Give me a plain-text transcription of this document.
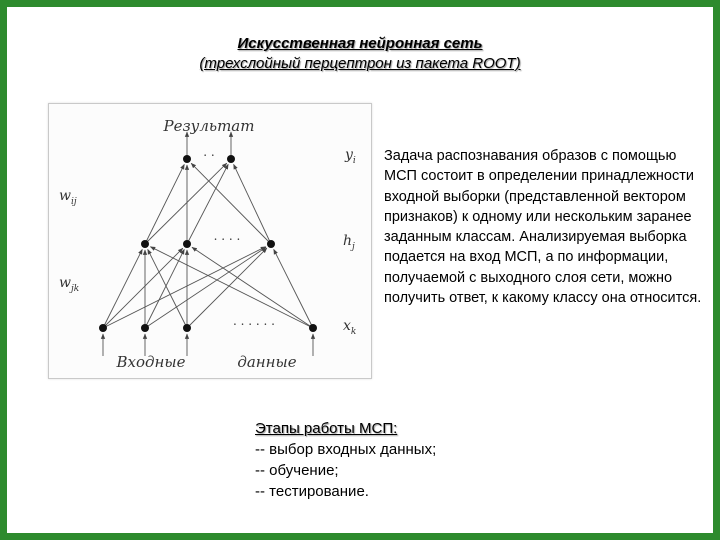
Искусственная нейронная сеть
(трехслойный перцептрон из пакета ROOT)
Результат
Входные	данные
. .
. . . .
. . . . . .
$y_i$
$h_j$
$x_k$
$w_{ij}$
$w_{jk}$

Задача распознавания образов с помощью МСП состоит в определении принадлежности входной выборки (представленной вектором признаков) к одному или нескольким заранее заданным классам. Анализируемая выборка подается на вход МСП, а по информации, получаемой с выходного слоя сети, можно получить ответ, к какому классу она относится.

Этапы работы МСП:
-- выбор входных данных;
-- обучение;
-- тестирование.
